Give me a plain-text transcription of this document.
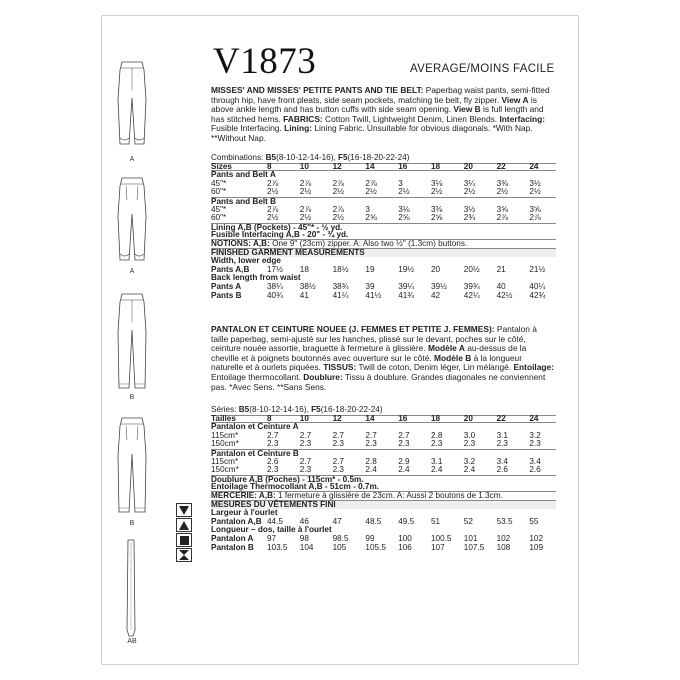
A
A
B
B
AB
V1873	AVERAGE/MOINS FACILE
MISSES' AND MISSES' PETITE PANTS AND TIE BELT: Paperbag waist pants, semi-fitted through hip, have front pleats, side seam pockets, matching tie belt, fly zipper. View A is above ankle length and has button cuffs with side seam opening. View B is full length and has stitched hems. FABRICS: Cotton Twill, Lightweight Denim, Linen Blends. Interfacing: Fusible Interfacing. Lining: Lining Fabric. Unsuitable for obvious diagonals. *With Nap. **Without Nap.
Combinations: B5(8-10-12-14-16), F5(16-18-20-22-24)
Sizes	8	10	12	14	16	18	20	22	24
Pants and Belt A
45"*	2⅞	2⅞	2⅞	2⅞	3	3⅛	3¼	3⅜	3½
60"*	2½	2½	2½	2½	2½	2½	2½	2½	2½
Pants and Belt B
45"*	2⅞	2⅞	2⅞	3	3⅛	3⅜	3½	3⅝	3⅝
60"*	2½	2½	2½	2⅝	2⅝	2⅝	2¾	2⅞	2⅞
Lining A,B (Pockets) - 45"* - ½ yd.
Fusible Interfacing A,B - 20" - ¾ yd.
NOTIONS: A,B: One 9" (23cm) zipper. A: Also two ½" (1.3cm) buttons.
FINISHED GARMENT MEASUREMENTS
Width, lower edge
Pants A,B	17½	18	18½	19	19½	20	20½	21	21½
Back length from waist
Pants A	38¼	38½	38¾	39	39¼	39½	39¾	40	40¼
Pants B	40¾	41	41¼	41½	41¾	42	42¼	42½	42¾
PANTALON ET CEINTURE NOUEE (J. FEMMES ET PETITE J. FEMMES): Pantalon à taille paperbag, semi-ajusté sur les hanches, plissé sur le devant, poches sur le côté, ceinture nouée assortie, braguette à fermeture à glissière. Modèle A au-dessus de la cheville et à poignets boutonnés avec ouverture sur le côté. Modèle B à la longueur naturelle et à ourlets piquées. TISSUS: Twill de coton, Denim léger, Lin mélangé. Entoilage: Entoilage thermocollant. Doublure: Tissu à doublure. Grandes diagonales ne conviennent pas. *Avec Sens. **Sans Sens.
Séries: B5(8-10-12-14-16), F5(16-18-20-22-24)
Tailles	8	10	12	14	16	18	20	22	24
Pantalon et Ceinture A
115cm*	2.7	2.7	2.7	2.7	2.7	2.8	3.0	3.1	3.2
150cm*	2.3	2.3	2.3	2.3	2.3	2.3	2.3	2.3	2.3
Pantalon et Ceinture B
115cm*	2.6	2.7	2.7	2.8	2.9	3.1	3.2	3.4	3.4
150cm*	2.3	2.3	2.3	2.4	2.4	2.4	2.4	2.6	2.6
Doublure A,B (Poches) - 115cm* - 0.5m.
Entoilage Thermocollant A,B - 51cm - 0.7m.
MERCERIE: A,B: 1 fermeture à glissière de 23cm. A: Aussi 2 boutons de 1.3cm.
MESURES DU VÊTEMENTS FINI
Largeur à l'ourlet
Pantalon A,B 44.5	46	47	48.5	49.5	51	52	53.5	55
Longueur – dos, taille à l'ourlet
Pantalon A	97	98	98.5	99	100	100.5	101	102	102
Pantalon B	103.5	104	105	105.5	106	107	107.5	108	109
